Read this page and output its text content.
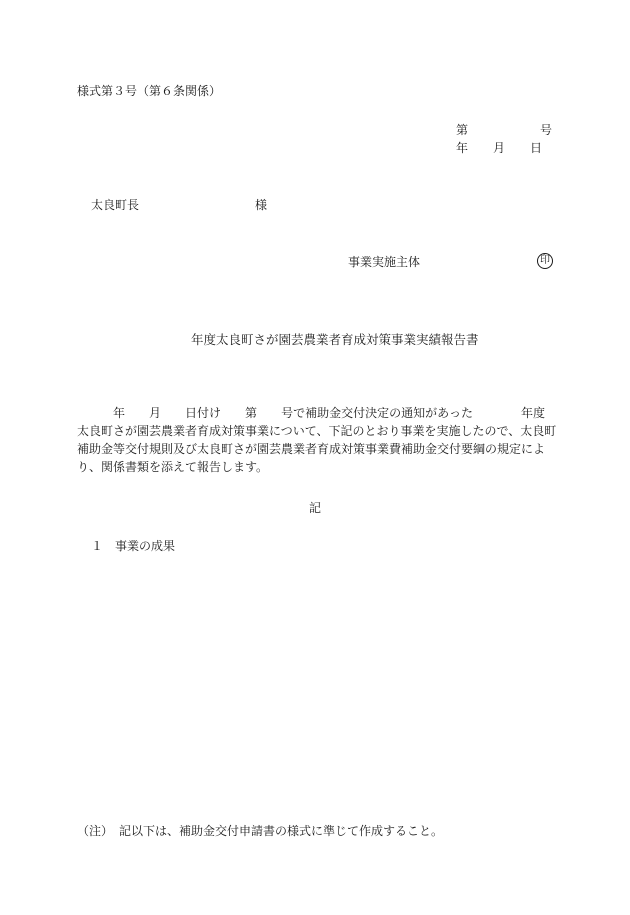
様式第３号（第６条関係）
第	号
年 月 日
太良町長	様
事業実施主体	印
年度太良町さが園芸農業者育成対策事業実績報告書
年 月 日付け 第 号で補助金交付決定の通知があった	年度
太良町さが園芸農業者育成対策事業について、下記のとおり事業を実施したので、太良町
補助金等交付規則及び太良町さが園芸農業者育成対策事業費補助金交付要綱の規定によ
り、関係書類を添えて報告します。
記
１　事業の成果
（注）　記以下は、補助金交付申請書の様式に準じて作成すること。
